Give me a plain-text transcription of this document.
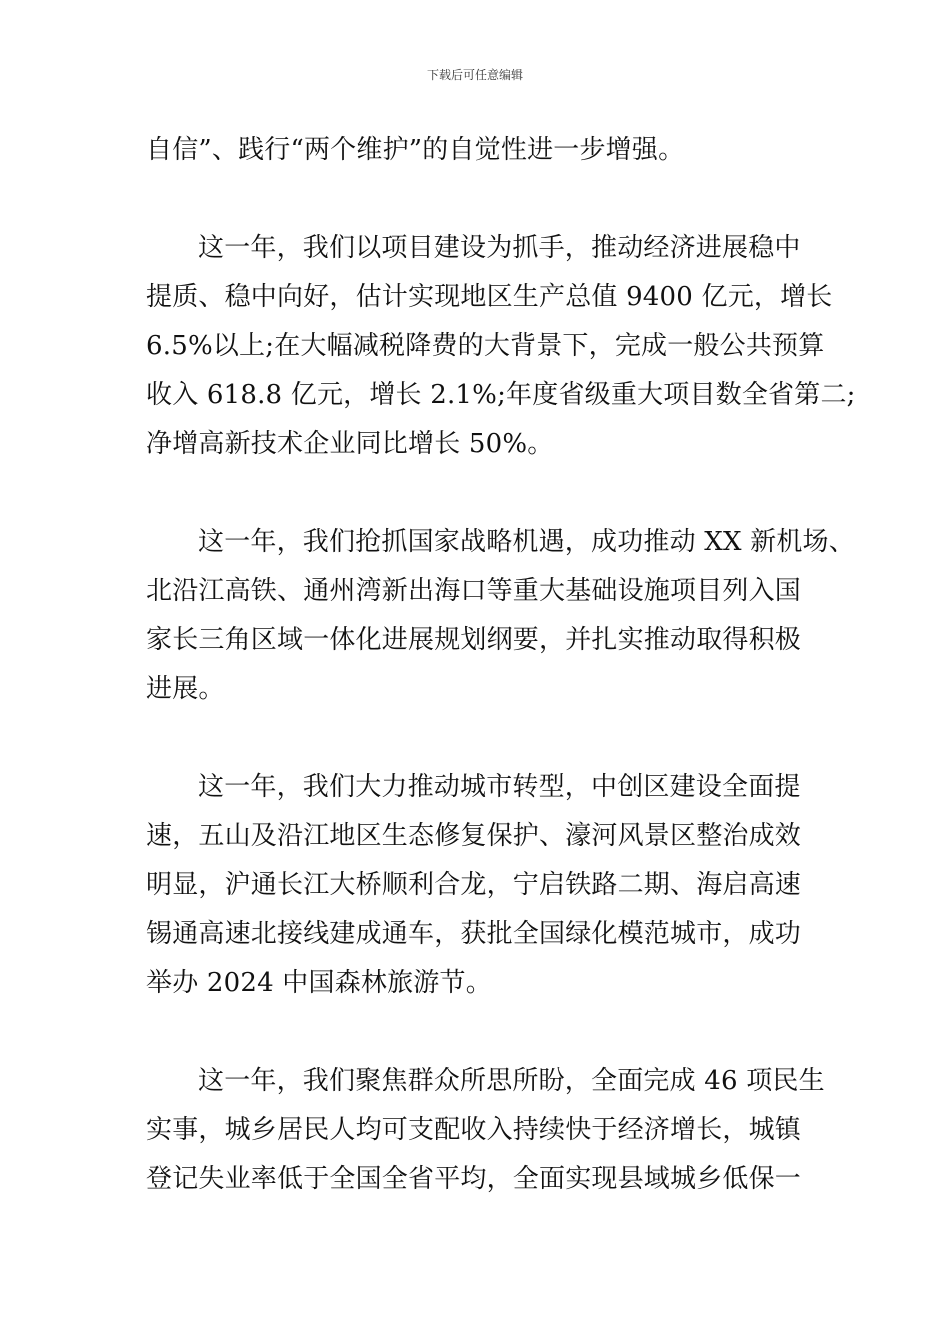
下载后可任意编辑
自信”、践行“两个维护”的自觉性进一步增强。
这一年，我们以项目建设为抓手，推动经济进展稳中
提质、稳中向好，估计实现地区生产总值 9400 亿元，增长
6.5%以上;在大幅减税降费的大背景下，完成一般公共预算
收入 618.8 亿元，增长 2.1%;年度省级重大项目数全省第二;
净增高新技术企业同比增长 50%。
这一年，我们抢抓国家战略机遇，成功推动 XX 新机场、
北沿江高铁、通州湾新出海口等重大基础设施项目列入国
家长三角区域一体化进展规划纲要，并扎实推动取得积极
进展。
这一年，我们大力推动城市转型，中创区建设全面提
速，五山及沿江地区生态修复保护、濠河风景区整治成效
明显，沪通长江大桥顺利合龙，宁启铁路二期、海启高速
锡通高速北接线建成通车，获批全国绿化模范城市，成功
举办 2024 中国森林旅游节。
这一年，我们聚焦群众所思所盼，全面完成 46 项民生
实事，城乡居民人均可支配收入持续快于经济增长，城镇
登记失业率低于全国全省平均，全面实现县域城乡低保一
